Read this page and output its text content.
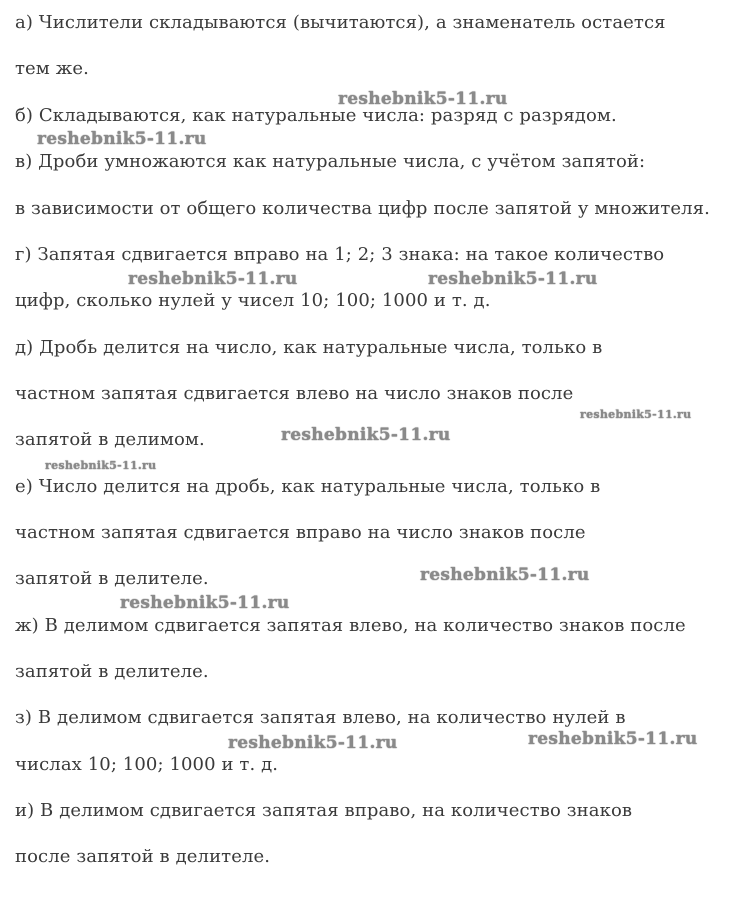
а) Числители складываются (вычитаются), а знаменатель остается
тем же.
б) Складываются, как натуральные числа: разряд с разрядом.
в) Дроби умножаются как натуральные числа, с учётом запятой:
в зависимости от общего количества цифр после запятой у множителя.
г) Запятая сдвигается вправо на 1; 2; 3 знака: на такое количество
цифр, сколько нулей у чисел 10; 100; 1000 и т. д.
д) Дробь делится на число, как натуральные числа, только в
частном запятая сдвигается влево на число знаков после
запятой в делимом.
е) Число делится на дробь, как натуральные числа, только в
частном запятая сдвигается вправо на число знаков после
запятой в делителе.
ж) В делимом сдвигается запятая влево, на количество знаков после
запятой в делителе.
з) В делимом сдвигается запятая влево, на количество нулей в
числах 10; 100; 1000 и т. д.
и) В делимом сдвигается запятая вправо, на количество знаков
после запятой в делителе.
reshebnik5-11.ru
reshebnik5-11.ru
reshebnik5-11.ru	reshebnik5-11.ru
reshebnik5-11.ru
reshebnik5-11.ru
reshebnik5-11.ru
reshebnik5-11.ru
reshebnik5-11.ru
reshebnik5-11.ru	reshebnik5-11.ru
